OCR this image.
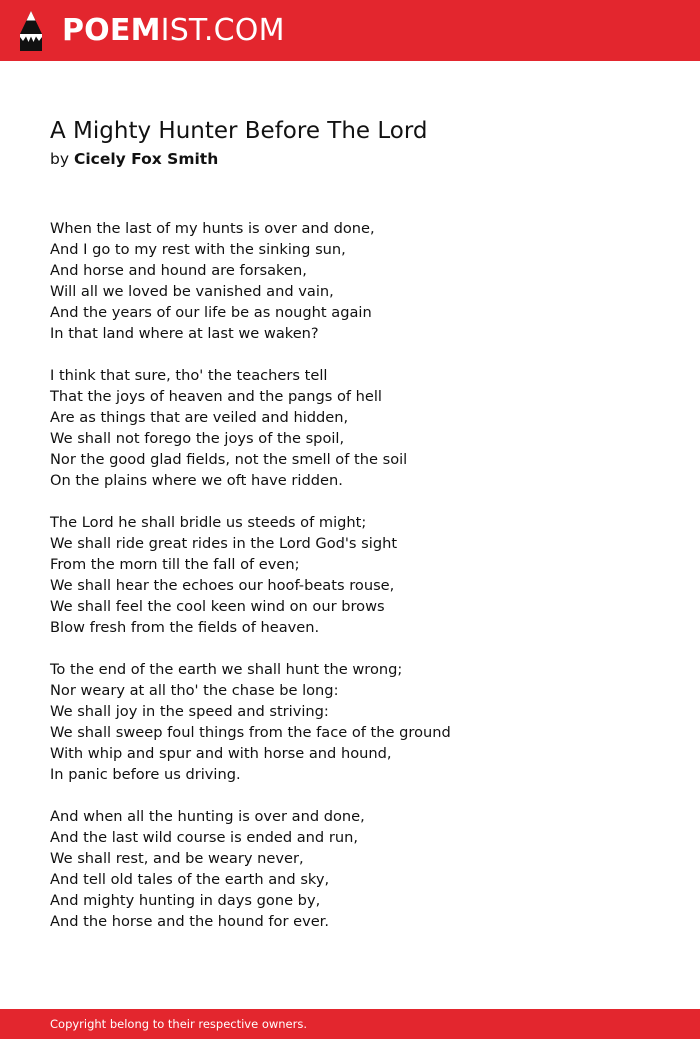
POEMIST.COM
A Mighty Hunter Before The Lord
by Cicely Fox Smith
When the last of my hunts is over and done,
And I go to my rest with the sinking sun,
And horse and hound are forsaken,
Will all we loved be vanished and vain,
And the years of our life be as nought again
In that land where at last we waken?
I think that sure, tho' the teachers tell
That the joys of heaven and the pangs of hell
Are as things that are veiled and hidden,
We shall not forego the joys of the spoil,
Nor the good glad fields, not the smell of the soil
On the plains where we oft have ridden.
The Lord he shall bridle us steeds of might;
We shall ride great rides in the Lord God's sight
From the morn till the fall of even;
We shall hear the echoes our hoof-beats rouse,
We shall feel the cool keen wind on our brows
Blow fresh from the fields of heaven.
To the end of the earth we shall hunt the wrong;
Nor weary at all tho' the chase be long:
We shall joy in the speed and striving:
We shall sweep foul things from the face of the ground
With whip and spur and with horse and hound,
In panic before us driving.
And when all the hunting is over and done,
And the last wild course is ended and run,
We shall rest, and be weary never,
And tell old tales of the earth and sky,
And mighty hunting in days gone by,
And the horse and the hound for ever.
Copyright belong to their respective owners.
